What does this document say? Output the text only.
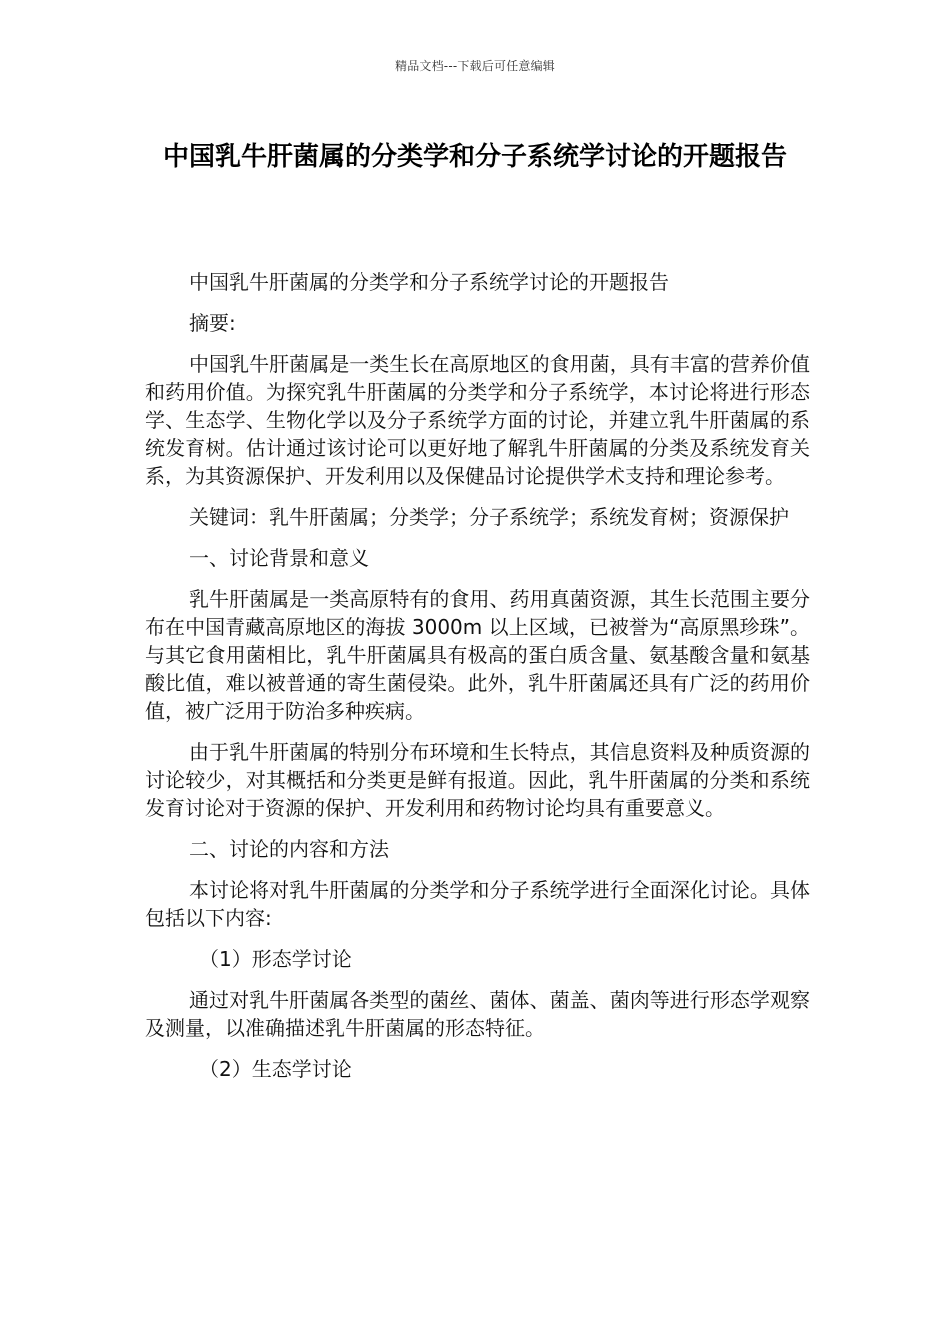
精品文档---下载后可任意编辑
中国乳牛肝菌属的分类学和分子系统学讨论的开题报告

中国乳牛肝菌属的分类学和分子系统学讨论的开题报告

摘要:

中国乳牛肝菌属是一类生长在高原地区的食用菌，具有丰富的营养价值和药用价值。为探究乳牛肝菌属的分类学和分子系统学，本讨论将进行形态学、生态学、生物化学以及分子系统学方面的讨论，并建立乳牛肝菌属的系统发育树。估计通过该讨论可以更好地了解乳牛肝菌属的分类及系统发育关系，为其资源保护、开发利用以及保健品讨论提供学术支持和理论参考。

关键词：乳牛肝菌属；分类学；分子系统学；系统发育树；资源保护

一、讨论背景和意义

乳牛肝菌属是一类高原特有的食用、药用真菌资源，其生长范围主要分布在中国青藏高原地区的海拔 3000m 以上区域，已被誉为“高原黑珍珠”。与其它食用菌相比，乳牛肝菌属具有极高的蛋白质含量、氨基酸含量和氨基酸比值，难以被普通的寄生菌侵染。此外，乳牛肝菌属还具有广泛的药用价值，被广泛用于防治多种疾病。

由于乳牛肝菌属的特别分布环境和生长特点，其信息资料及种质资源的讨论较少，对其概括和分类更是鲜有报道。因此，乳牛肝菌属的分类和系统发育讨论对于资源的保护、开发利用和药物讨论均具有重要意义。

二、讨论的内容和方法

本讨论将对乳牛肝菌属的分类学和分子系统学进行全面深化讨论。具体包括以下内容:

（1）形态学讨论

通过对乳牛肝菌属各类型的菌丝、菌体、菌盖、菌肉等进行形态学观察及测量，以准确描述乳牛肝菌属的形态特征。

（2）生态学讨论
